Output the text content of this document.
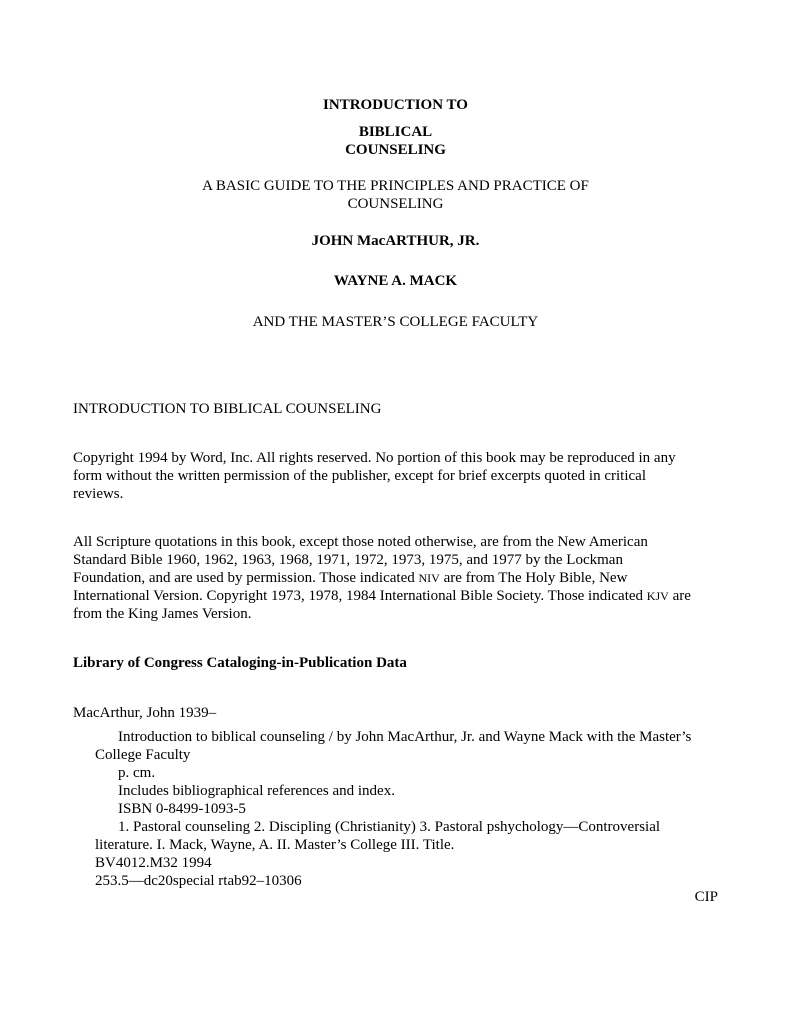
INTRODUCTION TO
BIBLICAL
COUNSELING
A BASIC GUIDE TO THE PRINCIPLES AND PRACTICE OF
COUNSELING
JOHN MacARTHUR, JR.
WAYNE A. MACK
AND THE MASTER’S COLLEGE FACULTY
INTRODUCTION TO BIBLICAL COUNSELING
Copyright 1994 by Word, Inc. All rights reserved. No portion of this book may be reproduced in any
form without the written permission of the publisher, except for brief excerpts quoted in critical
reviews.
All Scripture quotations in this book, except those noted otherwise, are from the New American
Standard Bible 1960, 1962, 1963, 1968, 1971, 1972, 1973, 1975, and 1977 by the Lockman
Foundation, and are used by permission. Those indicated NIV are from The Holy Bible, New
International Version. Copyright 1973, 1978, 1984 International Bible Society. Those indicated KJV are
from the King James Version.
Library of Congress Cataloging-in-Publication Data
MacArthur, John 1939–
Introduction to biblical counseling / by John MacArthur, Jr. and Wayne Mack with the Master’s
College Faculty
p. cm.
Includes bibliographical references and index.
ISBN 0-8499-1093-5
1. Pastoral counseling 2. Discipling (Christianity) 3. Pastoral pshychology—Controversial
literature. I. Mack, Wayne, A. II. Master’s College III. Title.
BV4012.M32 1994
253.5—dc20special rtab92–10306
CIP
